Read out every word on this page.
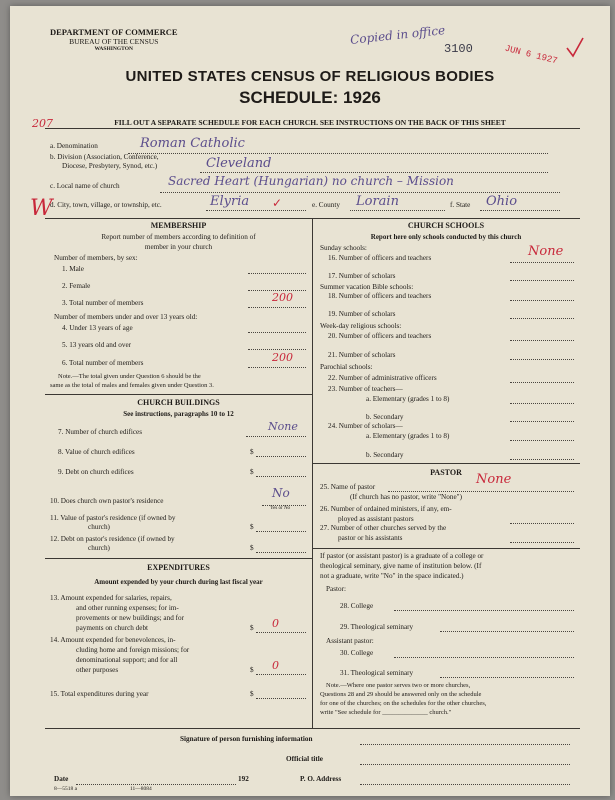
DEPARTMENT OF COMMERCE
BUREAU OF THE CENSUS
WASHINGTON
Copied in office
3100	JUN 6 1927
UNITED STATES CENSUS OF RELIGIOUS BODIES
SCHEDULE: 1926
207	FILL OUT A SEPARATE SCHEDULE FOR EACH CHURCH. SEE INSTRUCTIONS ON THE BACK OF THIS SHEET
a. Denomination	Roman Catholic
b. Division (Association, Conference,
Diocese, Presbytery, Synod, etc.)	Cleveland
c. Local name of church	Sacred Heart (Hungarian) no church – Mission
W
d. City, town, village, or township, etc.	Elyria ✓	e. County Lorain	f. State Ohio
MEMBERSHIP
Report number of members according to definition of
member in your church
Number of members, by sex:
1. Male
2. Female
3. Total number of members	200
Number of members under and over 13 years old:
4. Under 13 years of age
5. 13 years old and over
6. Total number of members	200
Note.—The total given under Question 6 should be the
same as the total of males and females given under Question 3.
CHURCH BUILDINGS
See instructions, paragraphs 10 to 12
7. Number of church edifices	None
8. Value of church edifices	$
9. Debt on church edifices	$
10. Does church own pastor's residence
No
Yes or No
11. Value of pastor's residence (if owned by
church)	$
12. Debt on pastor's residence (if owned by
church)	$
EXPENDITURES
Amount expended by your church during last fiscal year
13. Amount expended for salaries, repairs,
and other running expenses; for im-
provements or new buildings; and for
payments on church debt	$ 0
14. Amount expended for benevolences, in-
cluding home and foreign missions; for
denominational support; and for all
other purposes	$ 0
15. Total expenditures during year	$
CHURCH SCHOOLS
Report here only schools conducted by this church
Sunday schools:
16. Number of officers and teachers	None
17. Number of scholars
Summer vacation Bible schools:
18. Number of officers and teachers
19. Number of scholars
Week-day religious schools:
20. Number of officers and teachers
21. Number of scholars
Parochial schools:
22. Number of administrative officers
23. Number of teachers—
a. Elementary (grades 1 to 8)
b. Secondary
24. Number of scholars—
a. Elementary (grades 1 to 8)
b. Secondary
PASTOR
25. Name of pastor	None
(If church has no pastor, write "None")
26. Number of ordained ministers, if any, em-
ployed as assistant pastors
27. Number of other churches served by the
pastor or his assistants
If pastor (or assistant pastor) is a graduate of a college or
theological seminary, give name of institution below. (If
not a graduate, write "No" in the space indicated.)
Pastor:
28. College
29. Theological seminary
Assistant pastor:
30. College
31. Theological seminary
Note.—Where one pastor serves two or more churches,
Questions 28 and 29 should be answered only on the schedule
for one of the churches; on the schedules for the other churches,
write "See schedule for ______________ church."
Signature of person furnishing information
Official title
Date	192	P. O. Address
8—5518 a	11—8084
